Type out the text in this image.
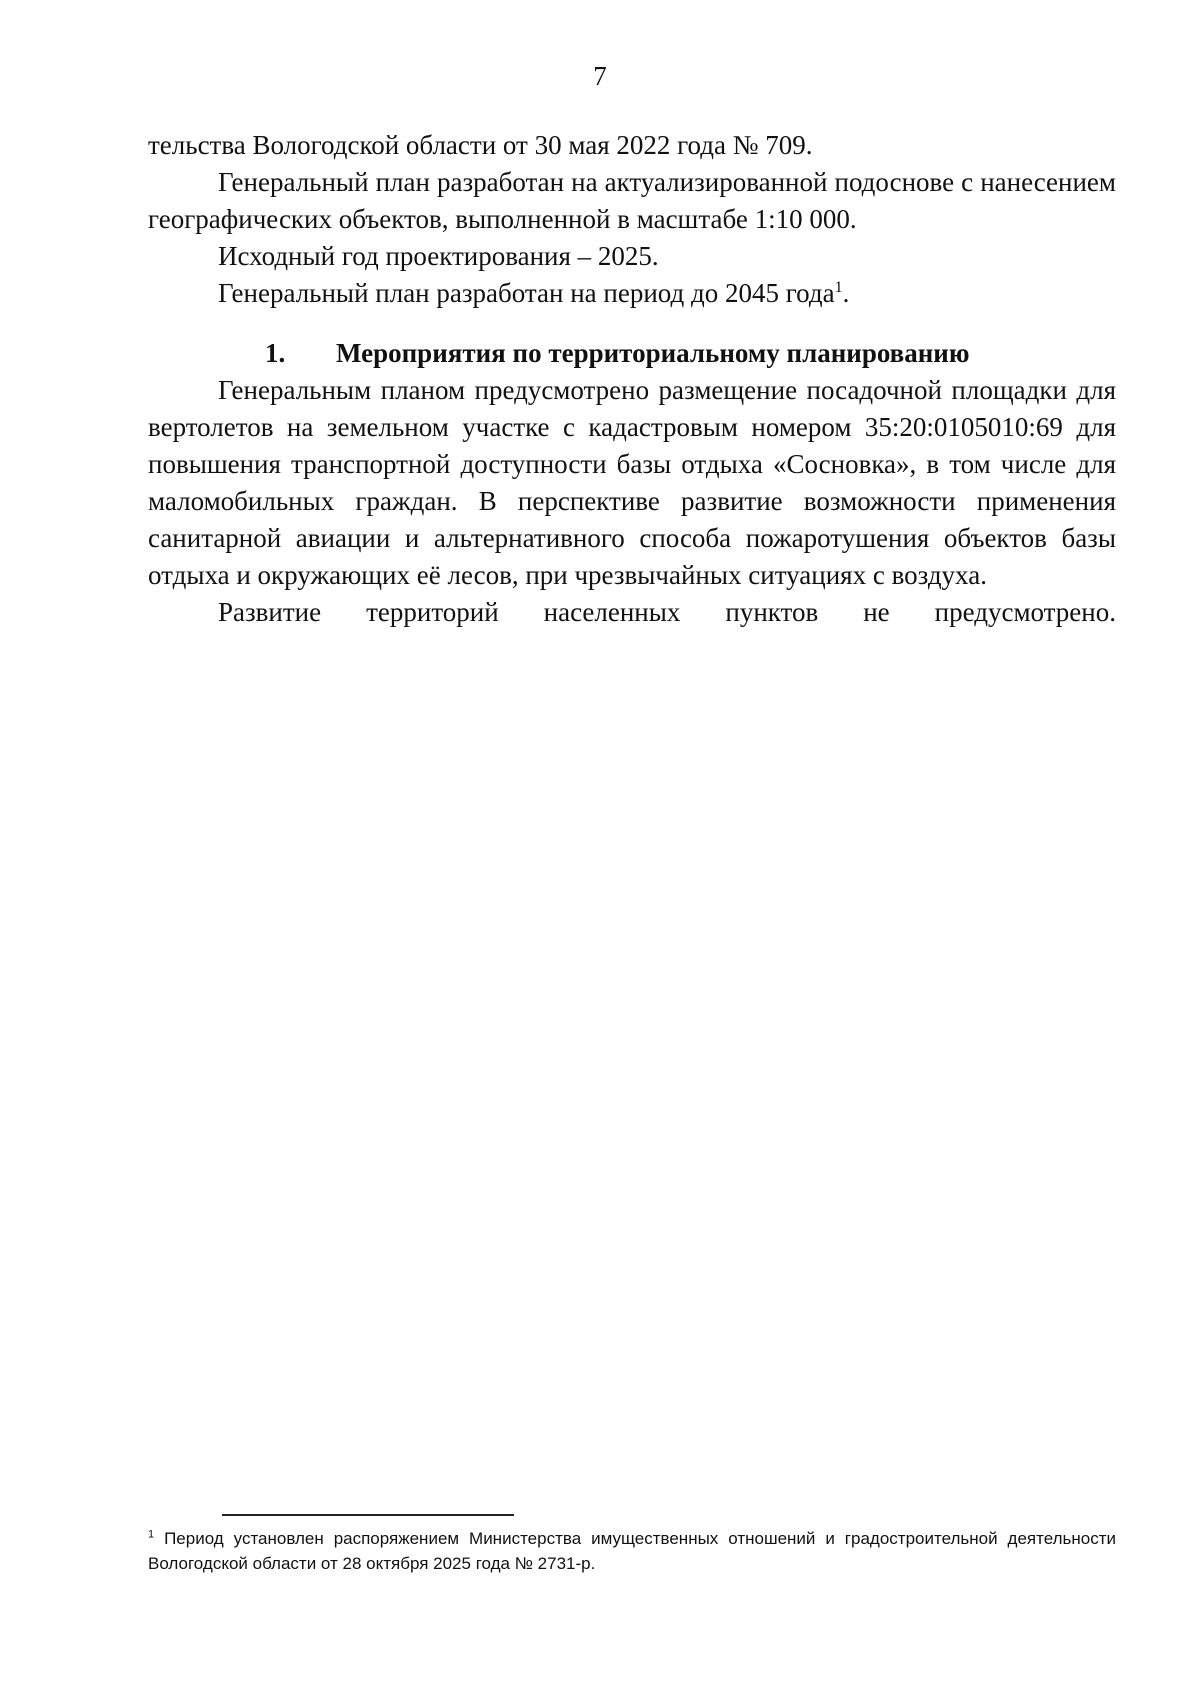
7

тельства Вологодской области от 30 мая 2022 года № 709.

Генеральный план разработан на актуализированной подоснове с нанесением географических объектов, выполненной в масштабе 1:10 000.

Исходный год проектирования – 2025.

Генеральный план разработан на период до 2045 года$^1$.

1. Мероприятия по территориальному планированию

Генеральным планом предусмотрено размещение посадочной площадки для вертолетов на земельном участке с кадастровым номером 35:20:0105010:69 для повышения транспортной доступности базы отдыха «Сосновка», в том числе для маломобильных граждан. В перспективе развитие возможности применения санитарной авиации и альтернативного способа пожаротушения объектов базы отдыха и окружающих её лесов, при чрезвычайных ситуациях с воздуха.

Развитие территорий населенных пунктов не предусмотрено.

$^1$ Период установлен распоряжением Министерства имущественных отношений и градостроительной деятельности Вологодской области от 28 октября 2025 года № 2731-р.
